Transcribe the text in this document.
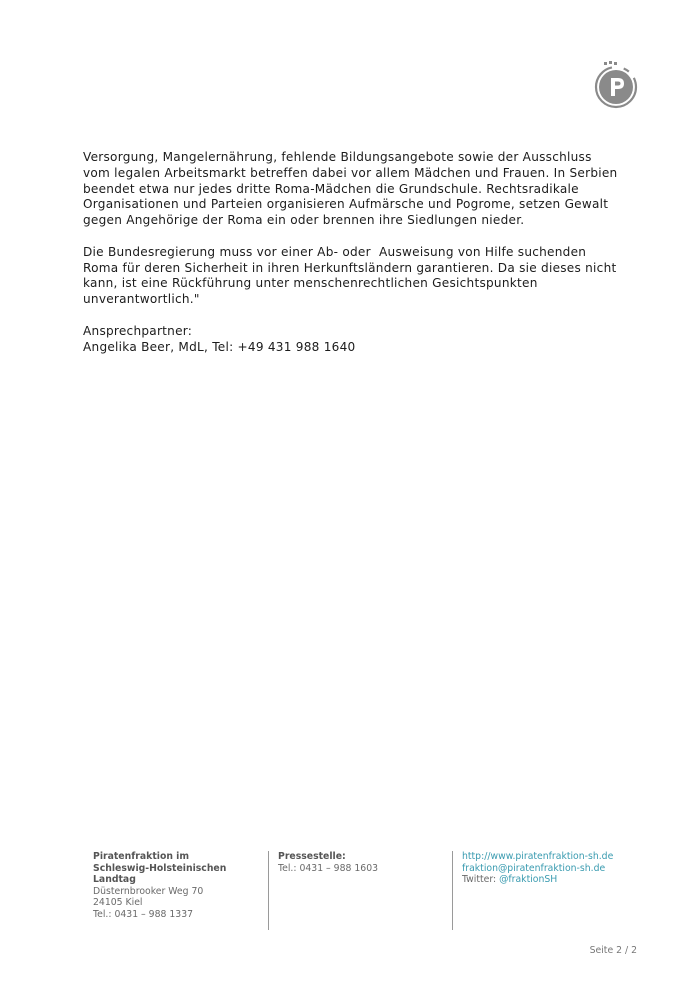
Versorgung, Mangelernährung, fehlende Bildungsangebote sowie der Ausschluss
vom legalen Arbeitsmarkt betreffen dabei vor allem Mädchen und Frauen. In Serbien
beendet etwa nur jedes dritte Roma-Mädchen die Grundschule. Rechtsradikale
Organisationen und Parteien organisieren Aufmärsche und Pogrome, setzen Gewalt
gegen Angehörige der Roma ein oder brennen ihre Siedlungen nieder.

Die Bundesregierung muss vor einer Ab- oder  Ausweisung von Hilfe suchenden
Roma für deren Sicherheit in ihren Herkunftsländern garantieren. Da sie dieses nicht
kann, ist eine Rückführung unter menschenrechtlichen Gesichtspunkten
unverantwortlich."

Ansprechpartner:
Angelika Beer, MdL, Tel: +49 431 988 1640

Piratenfraktion im
Schleswig-Holsteinischen
Landtag
Düsternbrooker Weg 70
24105 Kiel
Tel.: 0431 – 988 1337
Pressestelle:
Tel.: 0431 – 988 1603
http://www.piratenfraktion-sh.de
fraktion@piratenfraktion-sh.de
Twitter: @fraktionSH
Seite 2 / 2
